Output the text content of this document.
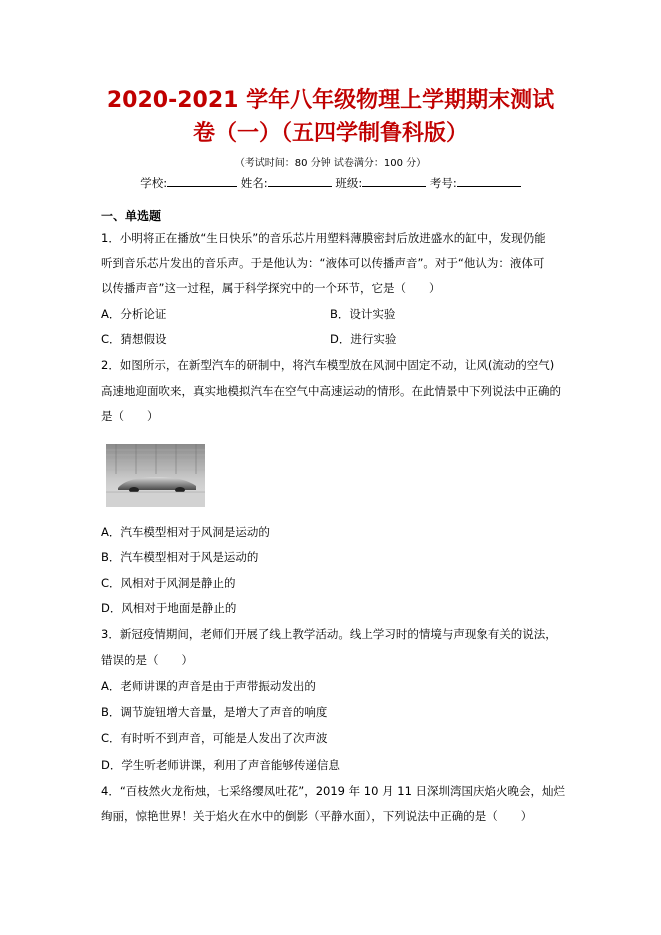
2020-2021 学年八年级物理上学期期末测试
卷（一）（五四学制鲁科版）
（考试时间：80 分钟 试卷满分：100 分）
学校:	姓名:	班级:	考号:
一、单选题
1．小明将正在播放“生日快乐”的音乐芯片用塑料薄膜密封后放进盛水的缸中，发现仍能
听到音乐芯片发出的音乐声。于是他认为：“液体可以传播声音”。对于“他认为：液体可
以传播声音”这一过程，属于科学探究中的一个环节，它是（　　）
A．分析论证	B．设计实验
C．猜想假设	D．进行实验
2．如图所示，在新型汽车的研制中，将汽车模型放在风洞中固定不动，让风(流动的空气)
高速地迎面吹来，真实地模拟汽车在空气中高速运动的情形。在此情景中下列说法中正确的
是（　　）
A．汽车模型相对于风洞是运动的
B．汽车模型相对于风是运动的
C．风相对于风洞是静止的
D．风相对于地面是静止的
3．新冠疫情期间，老师们开展了线上教学活动。线上学习时的情境与声现象有关的说法，
错误的是（　　）
A．老师讲课的声音是由于声带振动发出的
B．调节旋钮增大音量，是增大了声音的响度
C．有时听不到声音，可能是人发出了次声波
D．学生听老师讲课，利用了声音能够传递信息
4．“百枝然火龙衔烛，七采络缨凤吐花”，2019 年 10 月 11 日深圳湾国庆焰火晚会，灿烂
绚丽，惊艳世界！关于焰火在水中的倒影（平静水面），下列说法中正确的是（　　）
